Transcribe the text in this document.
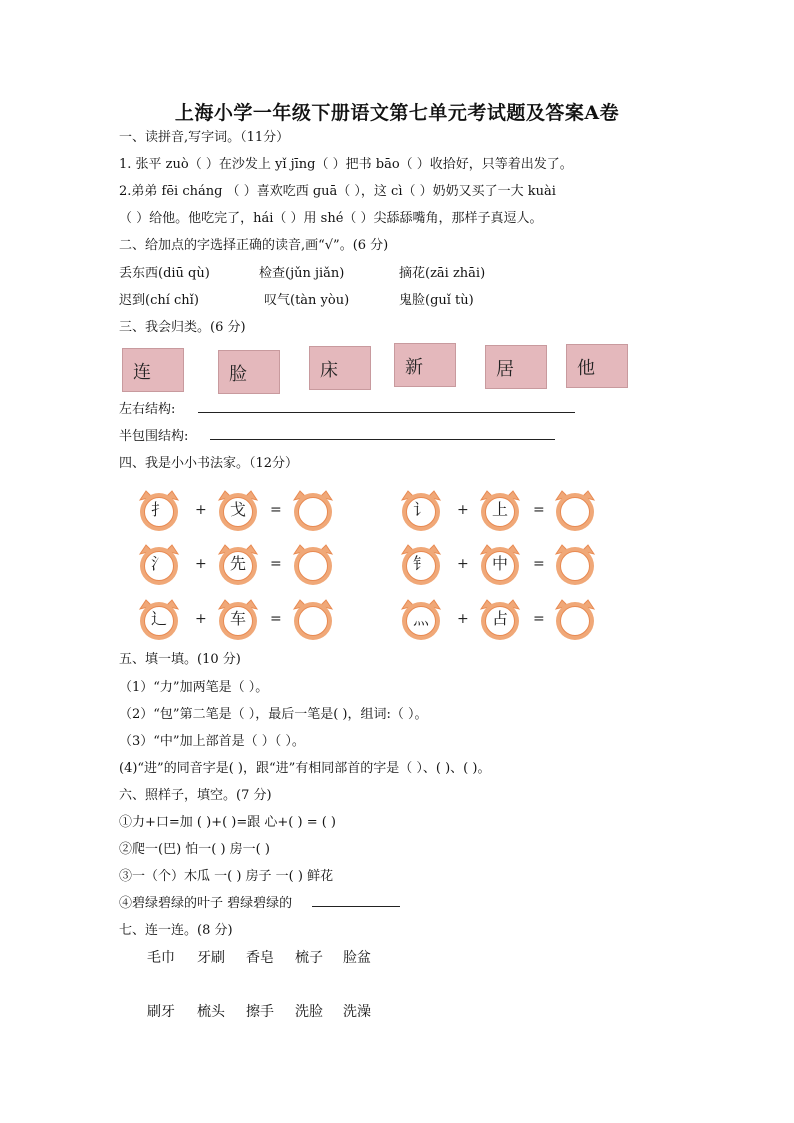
上海小学一年级下册语文第七单元考试题及答案A卷
一、读拼音,写字词。（11分）
1. 张平 zuò（ ）在沙发上 yǐ jīng（ ）把书 bāo（ ）收拾好，只等着出发了。
2.弟弟 fēi chánɡ （ ）喜欢吃西 ɡuā（ ），这 cì（ ）奶奶又买了一大 kuài
（ ）给他。他吃完了，hái（ ）用 shé（ ）尖舔舔嘴角，那样子真逗人。
二、给加点的字选择正确的读音,画“√”。(6 分)
丢东西(diū qù)	检查(jǔn jiǎn)	摘花(zāi zhāi)
迟到(chí chǐ)	叹气(tàn yòu)	鬼脸(guǐ tù)
三、我会归类。(6 分)
连	脸	床	新	居	他
左右结构:
半包围结构:
四、我是小小书法家。（12分）
扌	戈
+	=
氵	先
+	=
辶	车
+	=
讠	上
+	=
钅	中
+	=
灬	占
+	=
五、填一填。(10 分)
（1）“力”加两笔是（ ）。
（2）“包”第二笔是（ ），最后一笔是( )，组词:（ ）。
（3）“中”加上部首是（ ）（ ）。
(4)“进”的同音字是( )，跟“进”有相同部首的字是（ ）、( )、( )。
六、照样子，填空。(7 分)
①力+口=加 ( )+( )=跟 心+( ) = ( )
②爬一(巴) 怕一( ) 房一( )
③一（个）木瓜 一( ) 房子 一( ) 鲜花
④碧绿碧绿的叶子 碧绿碧绿的
七、连一连。(8 分)
毛巾 牙刷 香皂 梳子 脸盆
刷牙 梳头 擦手 洗脸 洗澡
